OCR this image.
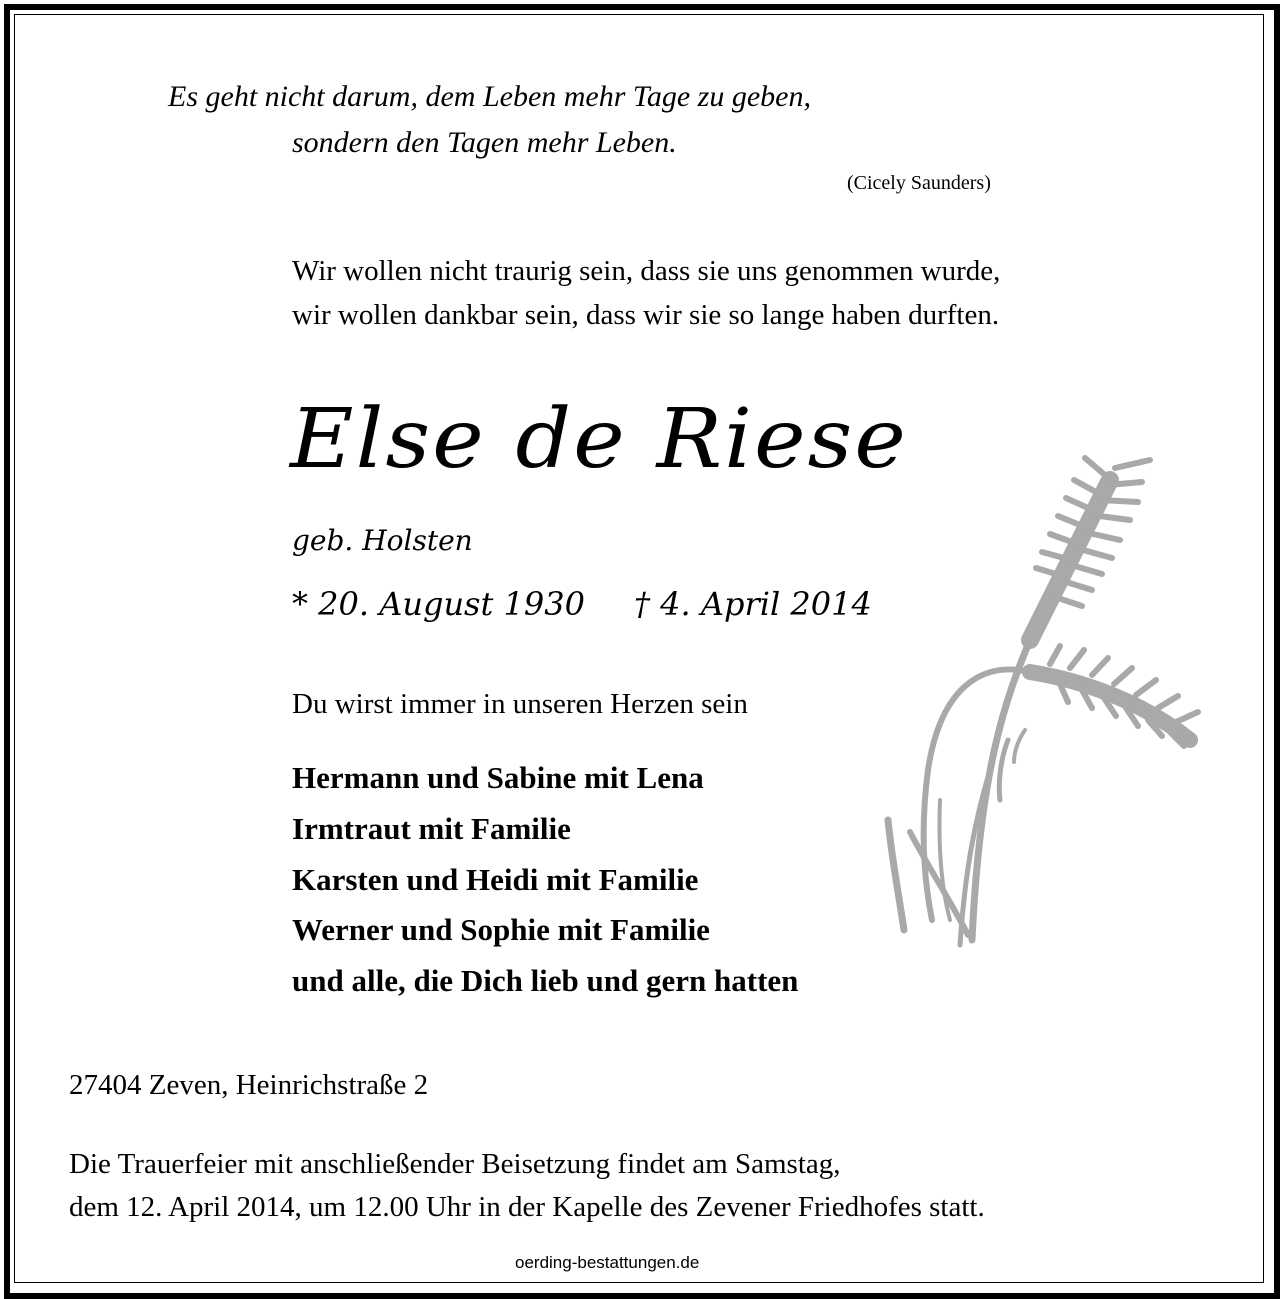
Es geht nicht darum, dem Leben mehr Tage zu geben,
sondern den Tagen mehr Leben.
(Cicely Saunders)
Wir wollen nicht traurig sein, dass sie uns genommen wurde,
wir wollen dankbar sein, dass wir sie so lange haben durften.
Else de Riese
geb. Holsten
* 20. August 1930 † 4. April 2014
Du wirst immer in unseren Herzen sein
Hermann und Sabine mit Lena
Irmtraut mit Familie
Karsten und Heidi mit Familie
Werner und Sophie mit Familie
und alle, die Dich lieb und gern hatten
27404 Zeven, Heinrichstraße 2
Die Trauerfeier mit anschließender Beisetzung findet am Samstag,
dem 12. April 2014, um 12.00 Uhr in der Kapelle des Zevener Friedhofes statt.
oerding-bestattungen.de
